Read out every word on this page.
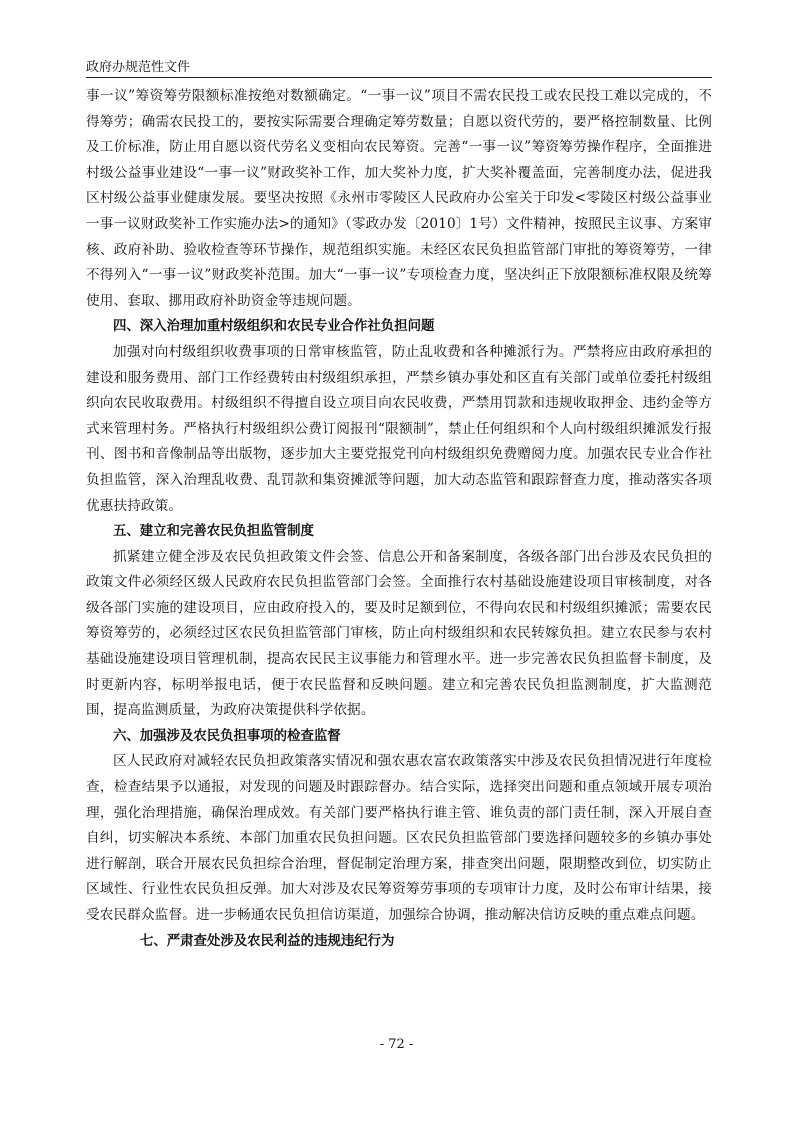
政府办规范性文件

事一议”筹资筹劳限额标准按绝对数额确定。“一事一议”项目不需农民投工或农民投工难以完成的，不得筹劳；确需农民投工的，要按实际需要合理确定筹劳数量；自愿以资代劳的，要严格控制数量、比例及工价标准，防止用自愿以资代劳名义变相向农民筹资。完善“一事一议”筹资筹劳操作程序，全面推进村级公益事业建设“一事一议”财政奖补工作，加大奖补力度，扩大奖补覆盖面，完善制度办法，促进我区村级公益事业健康发展。要坚决按照《永州市零陵区人民政府办公室关于印发<零陵区村级公益事业一事一议财政奖补工作实施办法>的通知》（零政办发〔2010〕1号）文件精神，按照民主议事、方案审核、政府补助、验收检查等环节操作，规范组织实施。未经区农民负担监管部门审批的筹资筹劳，一律不得列入“一事一议”财政奖补范围。加大“一事一议”专项检查力度，坚决纠正下放限额标准权限及统筹使用、套取、挪用政府补助资金等违规问题。

四、深入治理加重村级组织和农民专业合作社负担问题

加强对向村级组织收费事项的日常审核监管，防止乱收费和各种摊派行为。严禁将应由政府承担的建设和服务费用、部门工作经费转由村级组织承担，严禁乡镇办事处和区直有关部门或单位委托村级组织向农民收取费用。村级组织不得擅自设立项目向农民收费，严禁用罚款和违规收取押金、违约金等方式来管理村务。严格执行村级组织公费订阅报刊“限额制”，禁止任何组织和个人向村级组织摊派发行报刊、图书和音像制品等出版物，逐步加大主要党报党刊向村级组织免费赠阅力度。加强农民专业合作社负担监管，深入治理乱收费、乱罚款和集资摊派等问题，加大动态监管和跟踪督查力度，推动落实各项优惠扶持政策。

五、建立和完善农民负担监管制度

抓紧建立健全涉及农民负担政策文件会签、信息公开和备案制度，各级各部门出台涉及农民负担的政策文件必须经区级人民政府农民负担监管部门会签。全面推行农村基础设施建设项目审核制度，对各级各部门实施的建设项目，应由政府投入的，要及时足额到位，不得向农民和村级组织摊派；需要农民筹资筹劳的，必须经过区农民负担监管部门审核，防止向村级组织和农民转嫁负担。建立农民参与农村基础设施建设项目管理机制，提高农民民主议事能力和管理水平。进一步完善农民负担监督卡制度，及时更新内容，标明举报电话，便于农民监督和反映问题。建立和完善农民负担监测制度，扩大监测范围，提高监测质量，为政府决策提供科学依据。

六、加强涉及农民负担事项的检查监督

区人民政府对减轻农民负担政策落实情况和强农惠农富农政策落实中涉及农民负担情况进行年度检查，检查结果予以通报，对发现的问题及时跟踪督办。结合实际，选择突出问题和重点领域开展专项治理，强化治理措施，确保治理成效。有关部门要严格执行谁主管、谁负责的部门责任制，深入开展自查自纠，切实解决本系统、本部门加重农民负担问题。区农民负担监管部门要选择问题较多的乡镇办事处进行解剖，联合开展农民负担综合治理，督促制定治理方案，排查突出问题，限期整改到位，切实防止区域性、行业性农民负担反弹。加大对涉及农民筹资筹劳事项的专项审计力度，及时公布审计结果，接受农民群众监督。进一步畅通农民负担信访渠道，加强综合协调，推动解决信访反映的重点难点问题。

七、严肃查处涉及农民利益的违规违纪行为
- 72 -
